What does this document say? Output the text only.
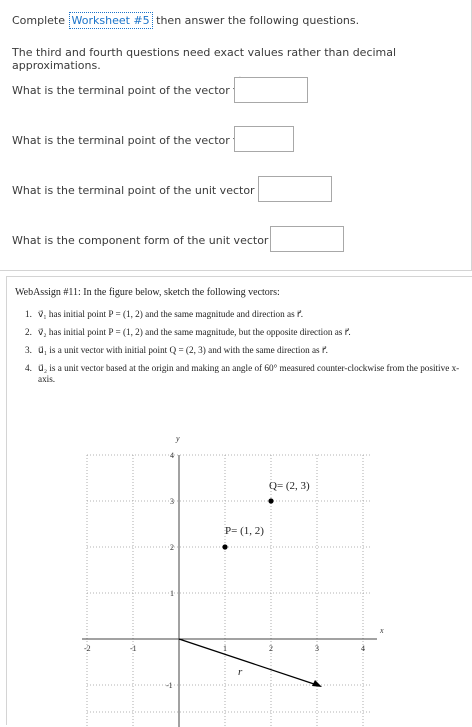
Complete Worksheet #5 then answer the following questions.
The third and fourth questions need exact values rather than decimal approximations.
What is the terminal point of the vector
What is the terminal point of the vector
What is the terminal point of the unit vector
What is the component form of the unit vector
WebAssign #11: In the figure below, sketch the following vectors:
1. v⃗₁ has initial point P = (1, 2) and the same magnitude and direction as r⃗.
2. v⃗₂ has initial point P = (1, 2) and the same magnitude, but the opposite direction as r⃗.
3. u⃗₁ is a unit vector with initial point Q = (2, 3) and with the same direction as r⃗.
4. u⃗₂ is a unit vector based at the origin and making an angle of 60° measured counter-clockwise from the positive x-axis.
x
y
-2	-1	1	2	3	4
4
3
2
1
-1
P= (1, 2)
Q= (2, 3)
r⃗
